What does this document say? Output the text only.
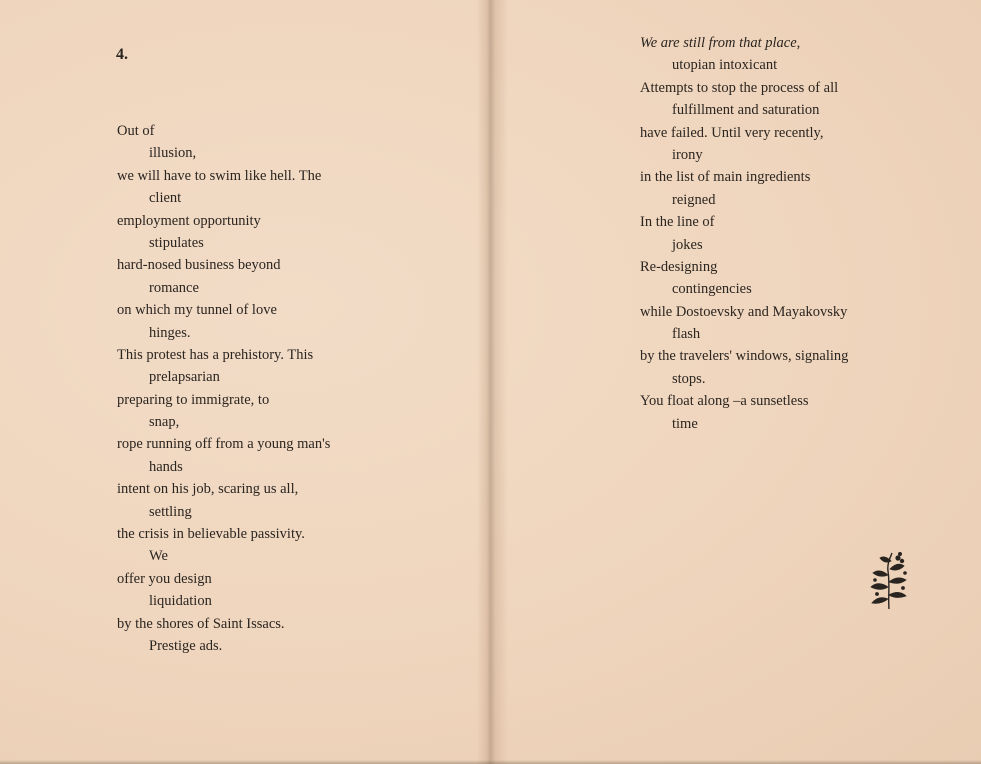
4.
Out of
illusion,
we will have to swim like hell. The
client
employment opportunity
stipulates
hard-nosed business beyond
romance
on which my tunnel of love
hinges.
This protest has a prehistory. This
prelapsarian
preparing to immigrate, to
snap,
rope running off from a young man's
hands
intent on his job, scaring us all,
settling
the crisis in believable passivity.
We
offer you design
liquidation
by the shores of Saint Issacs.
Prestige ads.
We are still from that place,
utopian intoxicant
Attempts to stop the process of all
fulfillment and saturation
have failed. Until very recently,
irony
in the list of main ingredients
reigned
In the line of
jokes
Re-designing
contingencies
while Dostoevsky and Mayakovsky
flash
by the travelers' windows, signaling
stops.
You float along –a sunsetless
time
